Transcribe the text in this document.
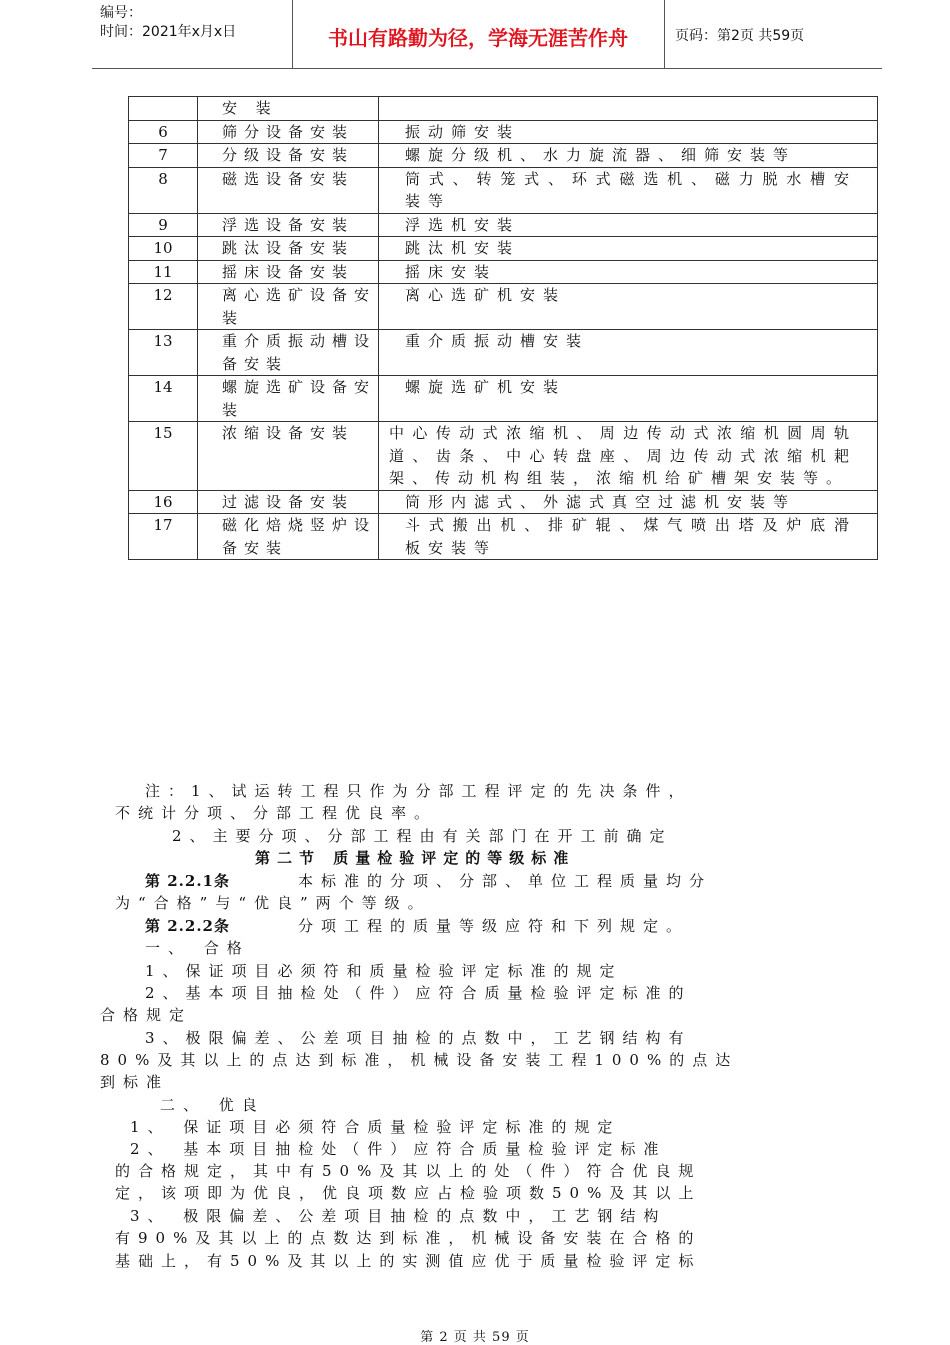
编号：
时间：2021年x月x日	书山有路勤为径，学海无涯苦作舟	页码：第2页 共59页

	安 装	

6	筛分设备安装	振动筛安装

7	分级设备安装	螺旋分级机、水力旋流器、细筛安装等

8	磁选设备安装	筒式、转笼式、环式磁选机、磁力脱水槽安装等

9	浮选设备安装	浮选机安装

10	跳汰设备安装	跳汰机安装

11	摇床设备安装	摇床安装

12	离心选矿设备安装	离心选矿机安装

13	重介质振动槽设备安装	重介质振动槽安装

14	螺旋选矿设备安装	螺旋选矿机安装

15	浓缩设备安装	中心传动式浓缩机、周边传动式浓缩机圆周轨道、齿条、中心转盘座、周边传动式浓缩机耙架、传动机构组装，浓缩机给矿槽架安装等。

16	过滤设备安装	筒形内滤式、外滤式真空过滤机安装等

17	磁化焙烧竖炉设备安装	斗式搬出机、排矿辊、煤气喷出塔及炉底滑板安装等
注：1、试运转工程只作为分部工程评定的先决条件，
不统计分项、分部工程优良率。
2、主要分项、分部工程由有关部门在开工前确定
第二节 质量检验评定的等级标准
第 2.2.1条	本标准的分项、分部、单位工程质量均分
为“合格”与“优良”两个等级。
第 2.2.2条	分项工程的质量等级应符和下列规定。
一、 合格
1、保证项目必须符和质量检验评定标准的规定
2、基本项目抽检处（件）应符合质量检验评定标准的
合格规定
3、极限偏差、公差项目抽检的点数中，工艺钢结构有
80%及其以上的点达到标准，机械设备安装工程100%的点达
到标准
二、 优良
1、 保证项目必须符合质量检验评定标准的规定
2、 基本项目抽检处（件）应符合质量检验评定标准
的合格规定，其中有50%及其以上的处（件）符合优良规
定，该项即为优良，优良项数应占检验项数50%及其以上
3、 极限偏差、公差项目抽检的点数中，工艺钢结构
有90%及其以上的点数达到标准，机械设备安装在合格的
基础上，有50%及其以上的实测值应优于质量检验评定标
第 2 页 共 59 页
